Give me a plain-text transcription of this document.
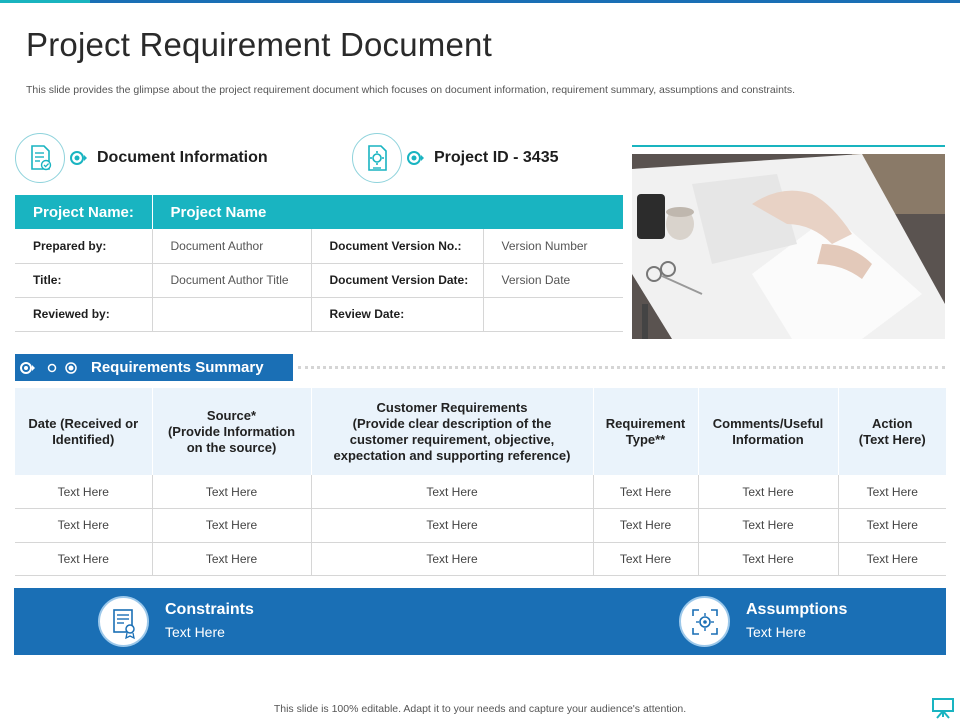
Project Requirement Document

This slide provides the glimpse about the project requirement document which focuses on document information, requirement summary, assumptions and constraints.

Document Information	Project ID - 3435
Project Name:	Project Name		
Prepared by:	Document Author	Document Version No.:	Version Number
Title:	Document Author Title	Document Version Date:	Version Date
Reviewed by:		Review Date:	
Requirements Summary
Date (Received or
Identified)	Source*
(Provide Information
on the source)	Customer Requirements
(Provide clear description of the
customer requirement, objective,
expectation and supporting reference)	Requirement
Type**	Comments/Useful
Information	Action
(Text Here)
Text Here	Text Here	Text Here	Text Here	Text Here	Text Here
Text Here	Text Here	Text Here	Text Here	Text Here	Text Here
Text Here	Text Here	Text Here	Text Here	Text Here	Text Here
Constraints
Text Here
Assumptions
Text Here

This slide is 100% editable. Adapt it to your needs and capture your audience's attention.
